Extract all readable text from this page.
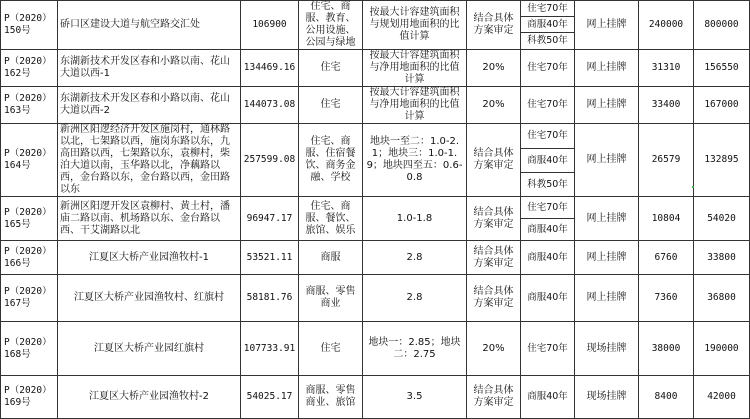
P（2020）150号	硚口区建设大道与航空路交汇处	106900	住宅、商服、教育、公用设施、公园与绿地	按最大计容建筑面积与规划用地面积的比值计算	结合具体方案审定	住宅70年	网上挂牌	240000	800000
						商服40年			
						科教50年			
P（2020）162号	东湖新技术开发区春和小路以南、花山大道以西-1	134469.16	住宅	按最大计容建筑面积与净用地面积的比值计算	20%	住宅70年	网上挂牌	31310	156550
P（2020）163号	东湖新技术开发区春和小路以南、花山大道以西-2	144073.08	住宅	按最大计容建筑面积与净用地面积的比值计算	20%	住宅70年	网上挂牌	33400	167000
P（2020）164号	新洲区阳逻经济开发区施岗村，通林路以北，七架路以西，施岗东路以东，九高田路以西，七架路以东，袁柳村，柴泊大道以南，玉华路以北，净藕路以西，金台路以东，金台路以西，金田路以东	257599.08	住宅、商服、住宿餐饮、商务金融、学校	地块一至二：1.0-2.1；地块三：1.0-1.9；地块四至五：0.6-0.8	结合具体方案审定	住宅70年	网上挂牌	26579	132895
						商服40年			
						科教50年			
P（2020）165号	新洲区阳逻开发区袁柳村、黄土村，潘庙二路以南、机场路以东、金台路以西、干艾湖路以北	96947.17	住宅、商服、餐饮、旅馆、娱乐	1.0-1.8	结合具体方案审定	住宅70年	网上挂牌	10804	54020
						商服40年			
P（2020）166号	江夏区大桥产业园渔牧村-1	53521.11	商服	2.8	结合具体方案审定	商服40年	网上挂牌	6760	33800
P（2020）167号	江夏区大桥产业园渔牧村、红旗村	58181.76	商服、零售商业	2.8	结合具体方案审定	商服40年	网上挂牌	7360	36800
P（2020）168号	江夏区大桥产业园红旗村	107733.91	住宅	地块一：2.85；地块二：2.75	20%	住宅70年	现场挂牌	38000	190000
P（2020）169号	江夏区大桥产业园渔牧村-2	54025.17	商服、零售商业、旅馆	3.5	结合具体方案审定	商服40年	现场挂牌	8400	42000
